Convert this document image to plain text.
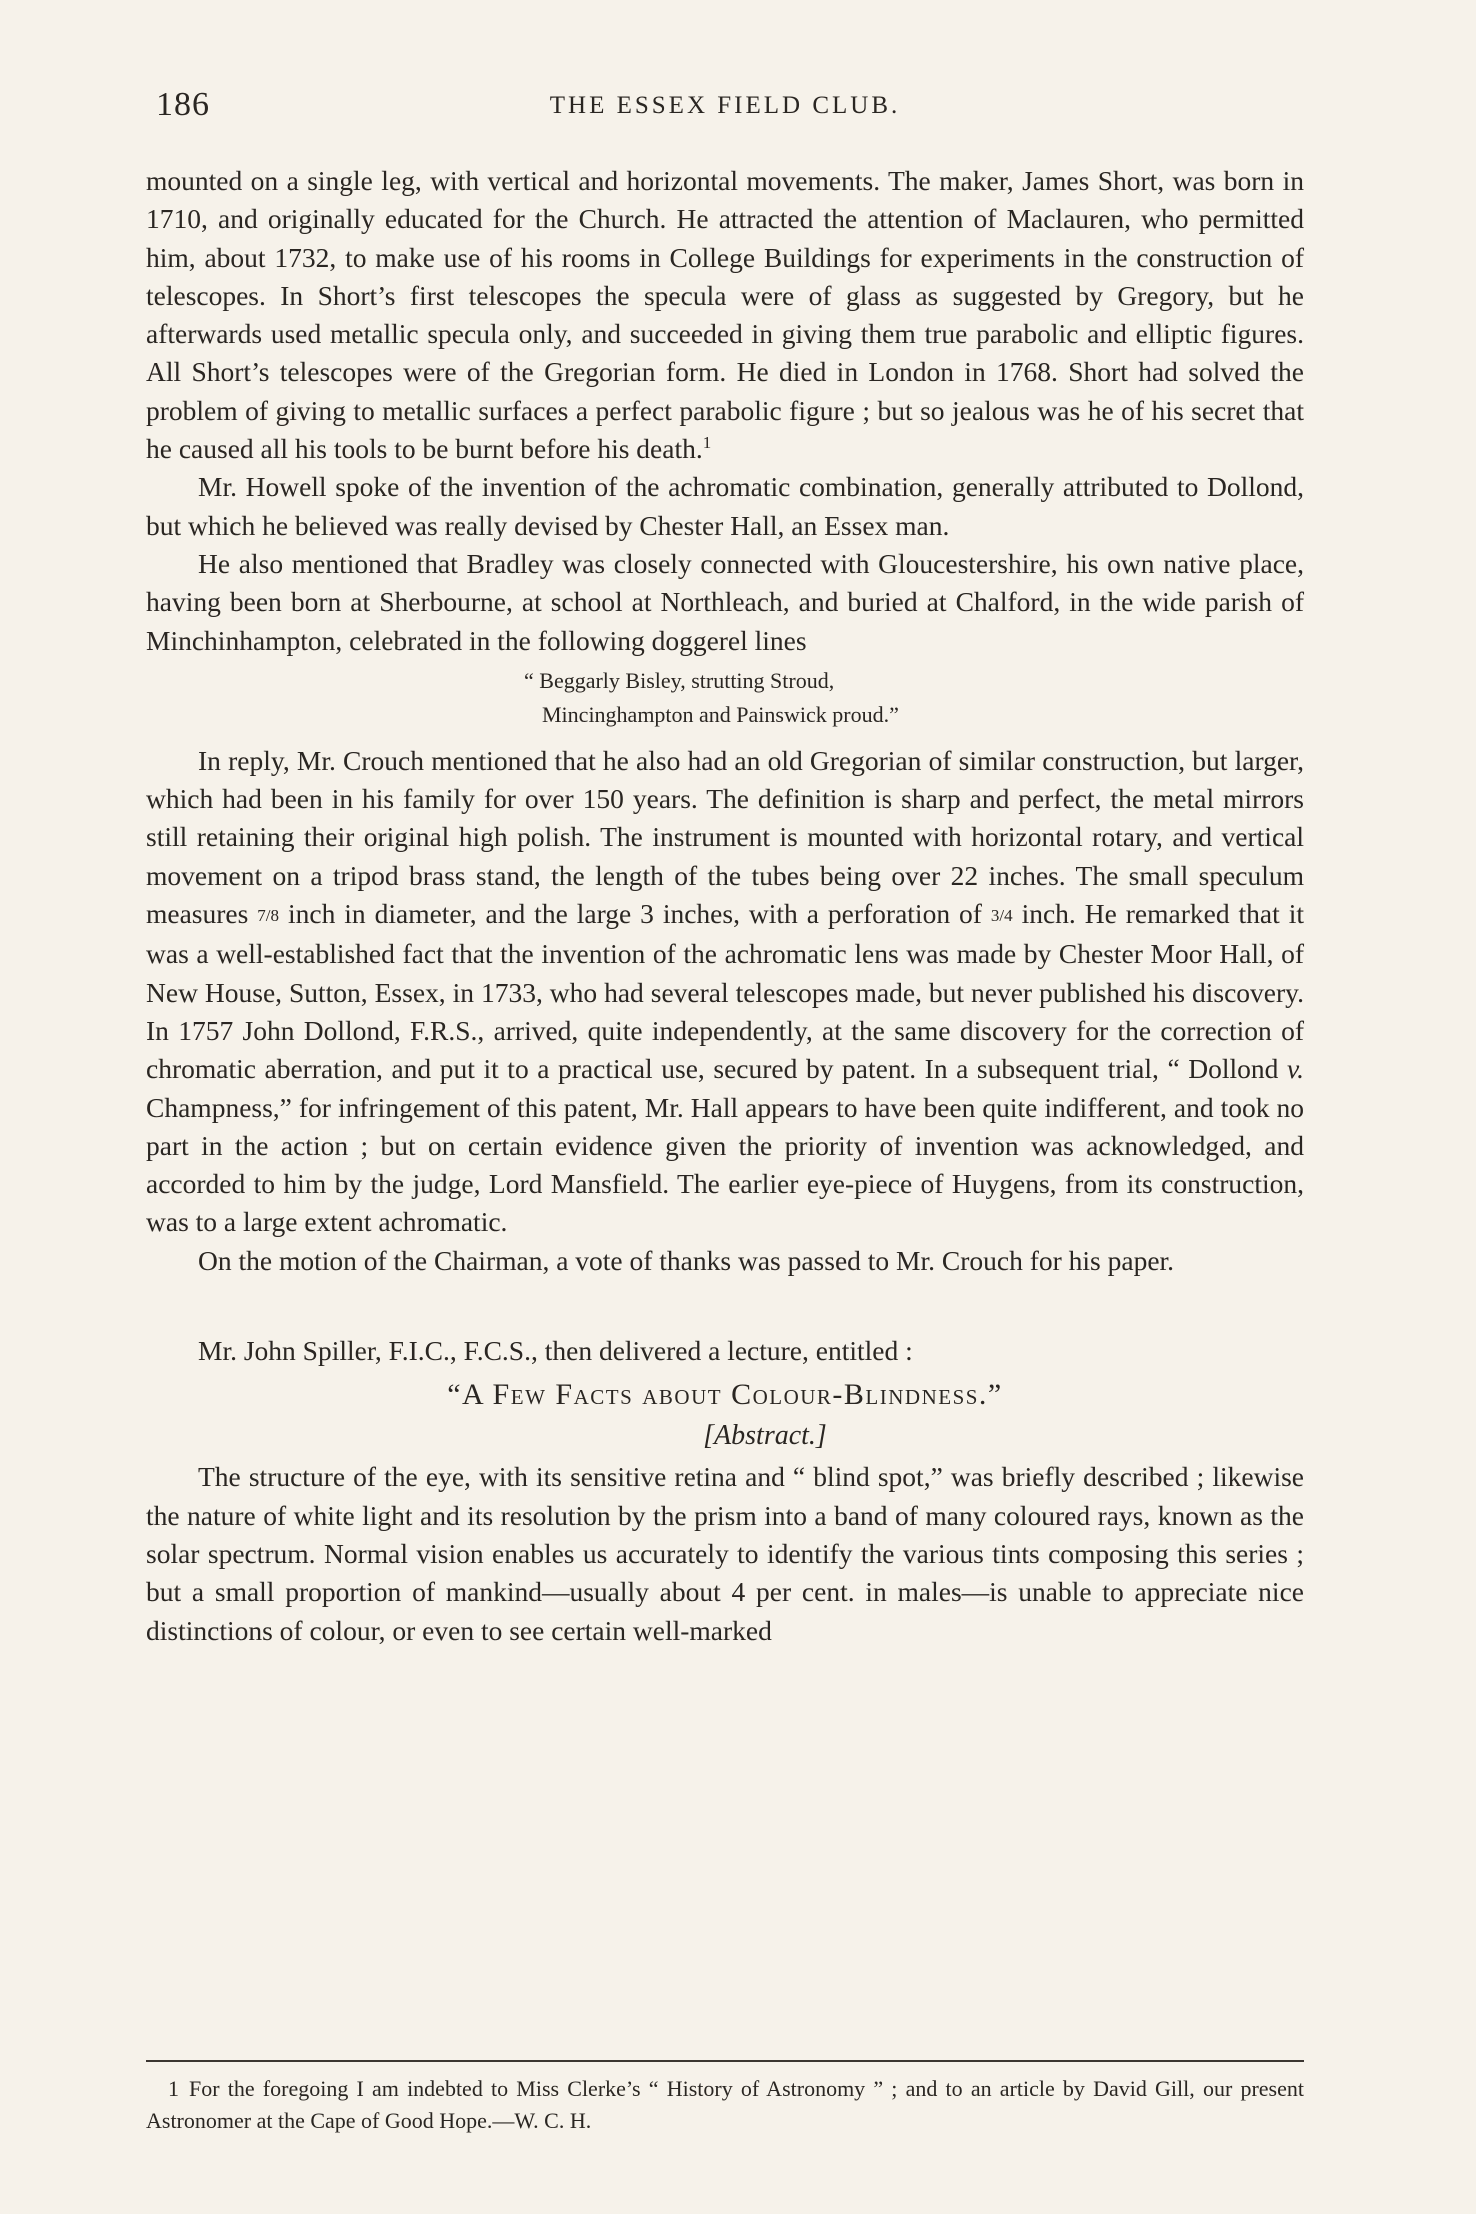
186	THE ESSEX FIELD CLUB.

mounted on a single leg, with vertical and horizontal movements. The maker, James Short, was born in 1710, and originally educated for the Church. He attracted the attention of Maclauren, who permitted him, about 1732, to make use of his rooms in College Buildings for experiments in the construction of telescopes. In Short’s first telescopes the specula were of glass as suggested by Gregory, but he afterwards used metallic specula only, and succeeded in giving them true parabolic and elliptic figures. All Short’s telescopes were of the Gregorian form. He died in London in 1768. Short had solved the problem of giving to metallic surfaces a perfect parabolic figure ; but so jealous was he of his secret that he caused all his tools to be burnt before his death.$^1$

Mr. Howell spoke of the invention of the achromatic combination, generally attributed to Dollond, but which he believed was really devised by Chester Hall, an Essex man.

He also mentioned that Bradley was closely connected with Gloucestershire, his own native place, having been born at Sherbourne, at school at Northleach, and buried at Chalford, in the wide parish of Minchinhampton, celebrated in the following doggerel lines

“ Beggarly Bisley, strutting Stroud,
Mincinghampton and Painswick proud.”

In reply, Mr. Crouch mentioned that he also had an old Gregorian of similar construction, but larger, which had been in his family for over 150 years. The definition is sharp and perfect, the metal mirrors still retaining their original high polish. The instrument is mounted with horizontal rotary, and vertical movement on a tripod brass stand, the length of the tubes being over 22 inches. The small speculum measures 7/8 inch in diameter, and the large 3 inches, with a perforation of 3/4 inch. He remarked that it was a well-established fact that the invention of the achromatic lens was made by Chester Moor Hall, of New House, Sutton, Essex, in 1733, who had several telescopes made, but never published his discovery. In 1757 John Dollond, F.R.S., arrived, quite independently, at the same discovery for the correction of chromatic aberration, and put it to a practical use, secured by patent. In a subsequent trial, “ Dollond v. Champness,” for infringement of this patent, Mr. Hall appears to have been quite indifferent, and took no part in the action ; but on certain evidence given the priority of invention was acknowledged, and accorded to him by the judge, Lord Mansfield. The earlier eye-piece of Huygens, from its construction, was to a large extent achromatic.

On the motion of the Chairman, a vote of thanks was passed to Mr. Crouch for his paper.

Mr. John Spiller, F.I.C., F.C.S., then delivered a lecture, entitled :

“A Few Facts about Colour-Blindness.”
[Abstract.]

The structure of the eye, with its sensitive retina and “ blind spot,” was briefly described ; likewise the nature of white light and its resolution by the prism into a band of many coloured rays, known as the solar spectrum. Normal vision enables us accurately to identify the various tints composing this series ; but a small proportion of mankind—usually about 4 per cent. in males—is unable to appreciate nice distinctions of colour, or even to see certain well-marked

1 For the foregoing I am indebted to Miss Clerke’s “ History of Astronomy ” ; and to an article by David Gill, our present Astronomer at the Cape of Good Hope.—W. C. H.
